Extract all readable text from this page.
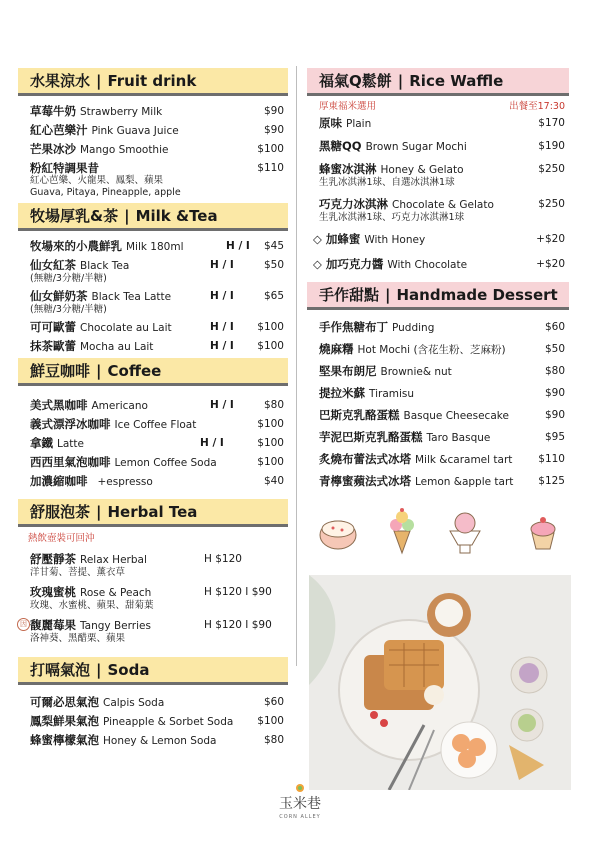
水果涼水 | Fruit drink
草莓牛奶 Strawberry Milk	$90
紅心芭樂汁 Pink Guava Juice	$90
芒果冰沙 Mango Smoothie	$100
粉紅特調果昔	$110
紅心芭樂、火龍果、鳳梨、蘋果
Guava, Pitaya, Pineapple, apple
牧場厚乳&茶 | Milk &Tea
牧場來的小農鮮乳 Milk 180ml	H / I $45
仙女紅茶 Black Tea	H / I	$50
(無糖/3分糖/半糖)
仙女鮮奶茶 Black Tea Latte	H / I	$65
(無糖/3分糖/半糖)
可可歐蕾 Chocolate au Lait	H / I $100
抹茶歐蕾 Mocha au Lait	H / I $100
鮮豆咖啡 | Coffee
美式黑咖啡 Americano	H / I	$80
義式漂浮冰咖啡 Ice Coffee Float	$100
拿鐵 Latte	H / I	$100
西西里氣泡咖啡 Lemon Coffee Soda	$100
加濃縮咖啡 +espresso	$40
舒服泡茶 | Herbal Tea
熱飲壺裝可回沖
舒壓靜茶 Relax Herbal	H $120
洋甘菊、菩提、薰衣草
玫瑰蜜桃 Rose & Peach	H $120 I $90
玫瑰、水蜜桃、蘋果、甜菊葉
因 馥麗莓果 Tangy Berries	H $120 I $90
洛神葵、黑醋栗、蘋果
打嗝氣泡 | Soda
可爾必思氣泡 Calpis Soda	$60
鳳梨鮮果氣泡 Pineapple & Sorbet Soda $100
蜂蜜檸檬氣泡 Honey & Lemon Soda	$80
福氣Q鬆餅 | Rice Waffle
厚東福米選用	出餐至17:30
原味 Plain	$170
黑糖QQ Brown Sugar Mochi	$190
蜂蜜冰淇淋 Honey & Gelato	$250
生乳冰淇淋1球、自選冰淇淋1球
巧克力冰淇淋 Chocolate & Gelato	$250
生乳冰淇淋1球、巧克力冰淇淋1球
◇ 加蜂蜜 With Honey	+$20
◇ 加巧克力醬 With Chocolate	+$20
手作甜點 | Handmade Dessert
手作焦糖布丁 Pudding	$60
燒麻糬 Hot Mochi (含花生粉、芝麻粉)	$50
堅果布朗尼 Brownie& nut	$80
提拉米蘇 Tiramisu	$90
巴斯克乳酪蛋糕 Basque Cheesecake	$90
芋泥巴斯克乳酪蛋糕 Taro Basque	$95
炙燒布蕾法式冰塔 Milk &caramel tart $110
青檸蜜蘋法式冰塔 Lemon &apple tart $125
玉米巷
CORN ALLEY
